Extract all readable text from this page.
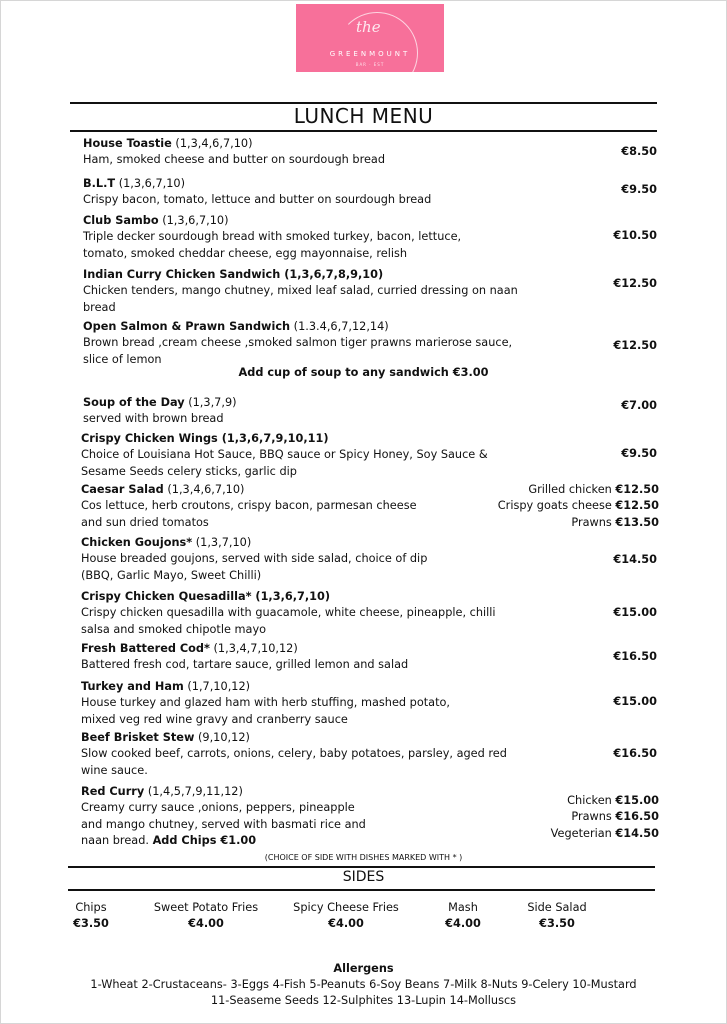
the
GREENMOUNT
BAR · EST
LUNCH MENU
House Toastie (1,3,4,6,7,10)
Ham, smoked cheese and butter on sourdough bread
€8.50
B.L.T (1,3,6,7,10)
Crispy bacon, tomato, lettuce and butter on sourdough bread
€9.50
Club Sambo (1,3,6,7,10)
Triple decker sourdough bread with smoked turkey, bacon, lettuce,
tomato, smoked cheddar cheese, egg mayonnaise, relish
€10.50
Indian Curry Chicken Sandwich (1,3,6,7,8,9,10)
Chicken tenders, mango chutney, mixed leaf salad, curried dressing on naan
bread
€12.50
Open Salmon & Prawn Sandwich (1.3.4,6,7,12,14)
Brown bread ,cream cheese ,smoked salmon tiger prawns marierose sauce,
slice of lemon
€12.50
Soup of the Day (1,3,7,9)
served with brown bread
€7.00
Crispy Chicken Wings (1,3,6,7,9,10,11)
Choice of Louisiana Hot Sauce, BBQ sauce or Spicy Honey, Soy Sauce &
Sesame Seeds celery sticks, garlic dip
€9.50
Caesar Salad (1,3,4,6,7,10)
Cos lettuce, herb croutons, crispy bacon, parmesan cheese
and sun dried tomatos
Grilled chicken €12.50
Crispy goats cheese €12.50
Prawns €13.50
Chicken Goujons* (1,3,7,10)
House breaded goujons, served with side salad, choice of dip
(BBQ, Garlic Mayo, Sweet Chilli)
€14.50
Crispy Chicken Quesadilla* (1,3,6,7,10)
Crispy chicken quesadilla with guacamole, white cheese, pineapple, chilli
salsa and smoked chipotle mayo
€15.00
Fresh Battered Cod* (1,3,4,7,10,12)
Battered fresh cod, tartare sauce, grilled lemon and salad
€16.50
Turkey and Ham (1,7,10,12)
House turkey and glazed ham with herb stuffing, mashed potato,
mixed veg red wine gravy and cranberry sauce
€15.00
Beef Brisket Stew (9,10,12)
Slow cooked beef, carrots, onions, celery, baby potatoes, parsley, aged red
wine sauce.
€16.50
Red Curry (1,4,5,7,9,11,12)
Creamy curry sauce ,onions, peppers, pineapple
and mango chutney, served with basmati rice and
naan bread. Add Chips €1.00
Chicken €15.00
Prawns €16.50
Vegeterian €14.50
Add cup of soup to any sandwich €3.00
(CHOICE OF SIDE WITH DISHES MARKED WITH * )
SIDES
Chips
€3.50
Sweet Potato Fries
€4.00
Spicy Cheese Fries
€4.00
Mash
€4.00
Side Salad
€3.50
Allergens
1-Wheat 2-Crustaceans- 3-Eggs 4-Fish 5-Peanuts 6-Soy Beans 7-Milk 8-Nuts 9-Celery 10-Mustard
11-Seaseme Seeds 12-Sulphites 13-Lupin 14-Molluscs
